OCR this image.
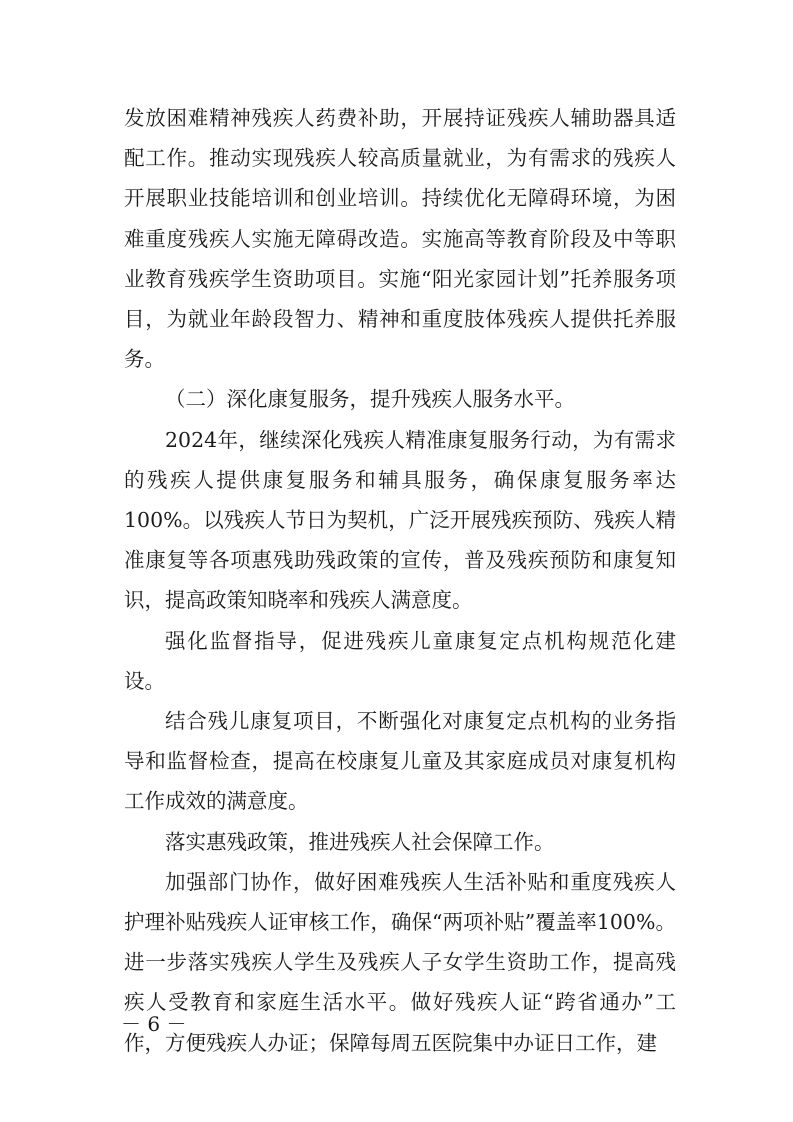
发放困难精神残疾人药费补助，开展持证残疾人辅助器具适配工作。推动实现残疾人较高质量就业，为有需求的残疾人开展职业技能培训和创业培训。持续优化无障碍环境，为困难重度残疾人实施无障碍改造。实施高等教育阶段及中等职业教育残疾学生资助项目。实施“阳光家园计划”托养服务项目，为就业年龄段智力、精神和重度肢体残疾人提供托养服务。

（二）深化康复服务，提升残疾人服务水平。

2024年，继续深化残疾人精准康复服务行动，为有需求的残疾人提供康复服务和辅具服务，确保康复服务率达100%。以残疾人节日为契机，广泛开展残疾预防、残疾人精准康复等各项惠残助残政策的宣传，普及残疾预防和康复知识，提高政策知晓率和残疾人满意度。

强化监督指导，促进残疾儿童康复定点机构规范化建设。

结合残儿康复项目，不断强化对康复定点机构的业务指导和监督检查，提高在校康复儿童及其家庭成员对康复机构工作成效的满意度。

落实惠残政策，推进残疾人社会保障工作。

加强部门协作，做好困难残疾人生活补贴和重度残疾人护理补贴残疾人证审核工作，确保“两项补贴”覆盖率100%。进一步落实残疾人学生及残疾人子女学生资助工作，提高残疾人受教育和家庭生活水平。做好残疾人证“跨省通办”工作，方便残疾人办证；保障每周五医院集中办证日工作，建

－ 6 －
